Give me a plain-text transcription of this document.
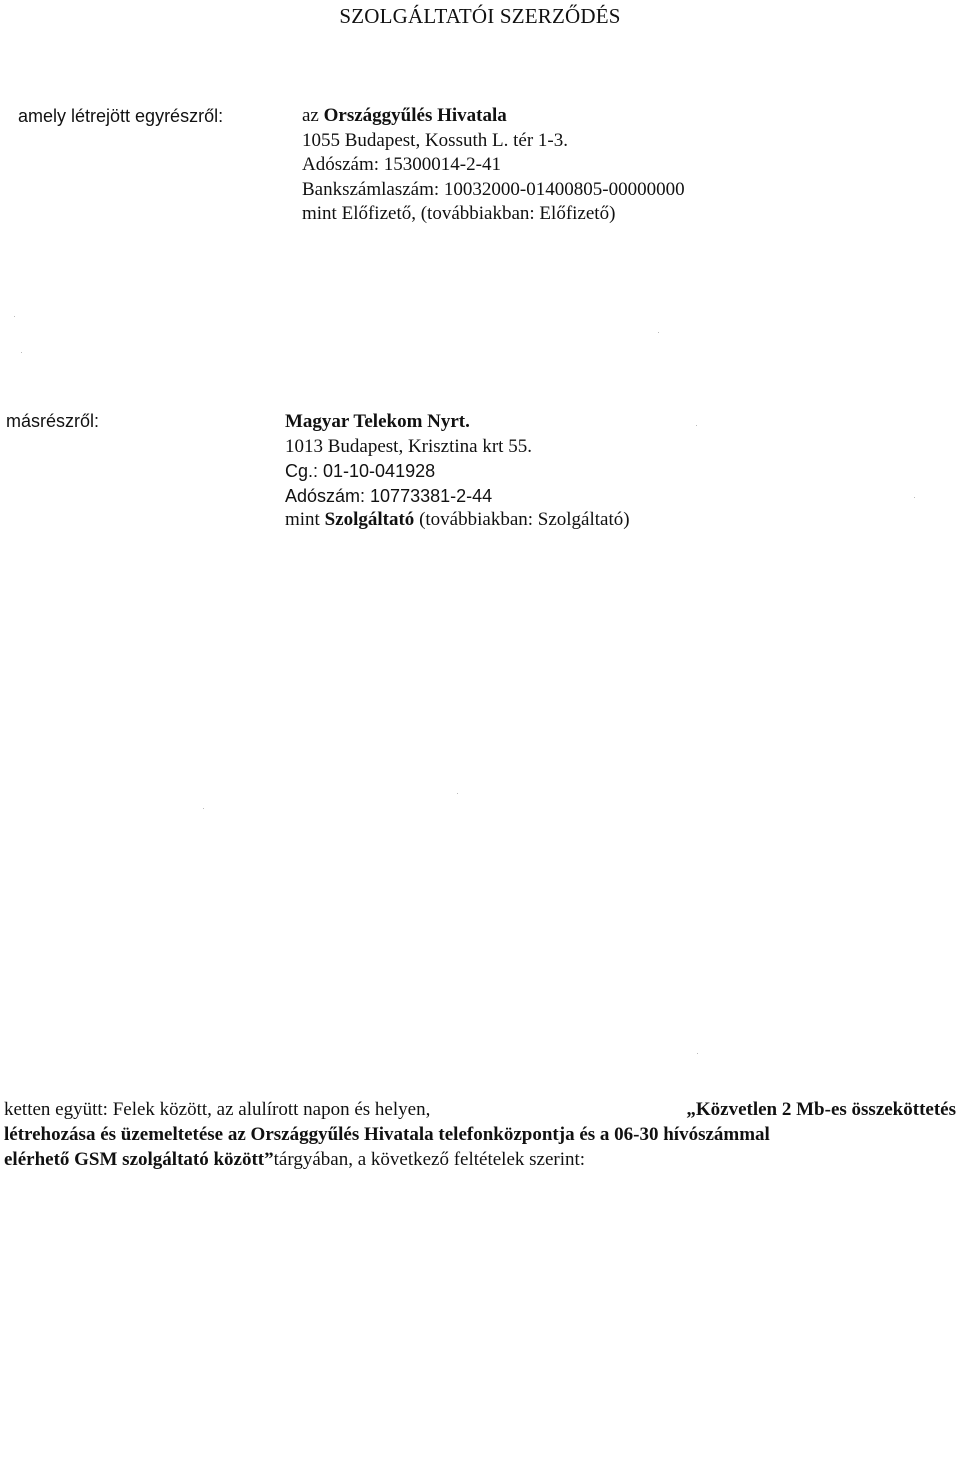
SZOLGÁLTATÓI SZERZŐDÉS
amely létrejött egyrészről:	az Országgyűlés Hivatala
1055 Budapest, Kossuth L. tér 1-3.
Adószám: 15300014-2-41
Bankszámlaszám: 10032000-01400805-00000000
mint Előfizető, (továbbiakban: Előfizető)
másrészről:	Magyar Telekom Nyrt.
1013 Budapest, Krisztina krt 55.
Cg.: 01-10-041928
Adószám: 10773381-2-44
mint Szolgáltató (továbbiakban: Szolgáltató)
ketten együtt: Felek között, az alulírott napon és helyen,	„Közvetlen 2 Mb-es összeköttetés
létrehozása és üzemeltetése az Országgyűlés Hivatala telefonközpontja és a 06-30 hívószámmal
elérhető GSM szolgáltató között” tárgyában, a következő feltételek szerint:
